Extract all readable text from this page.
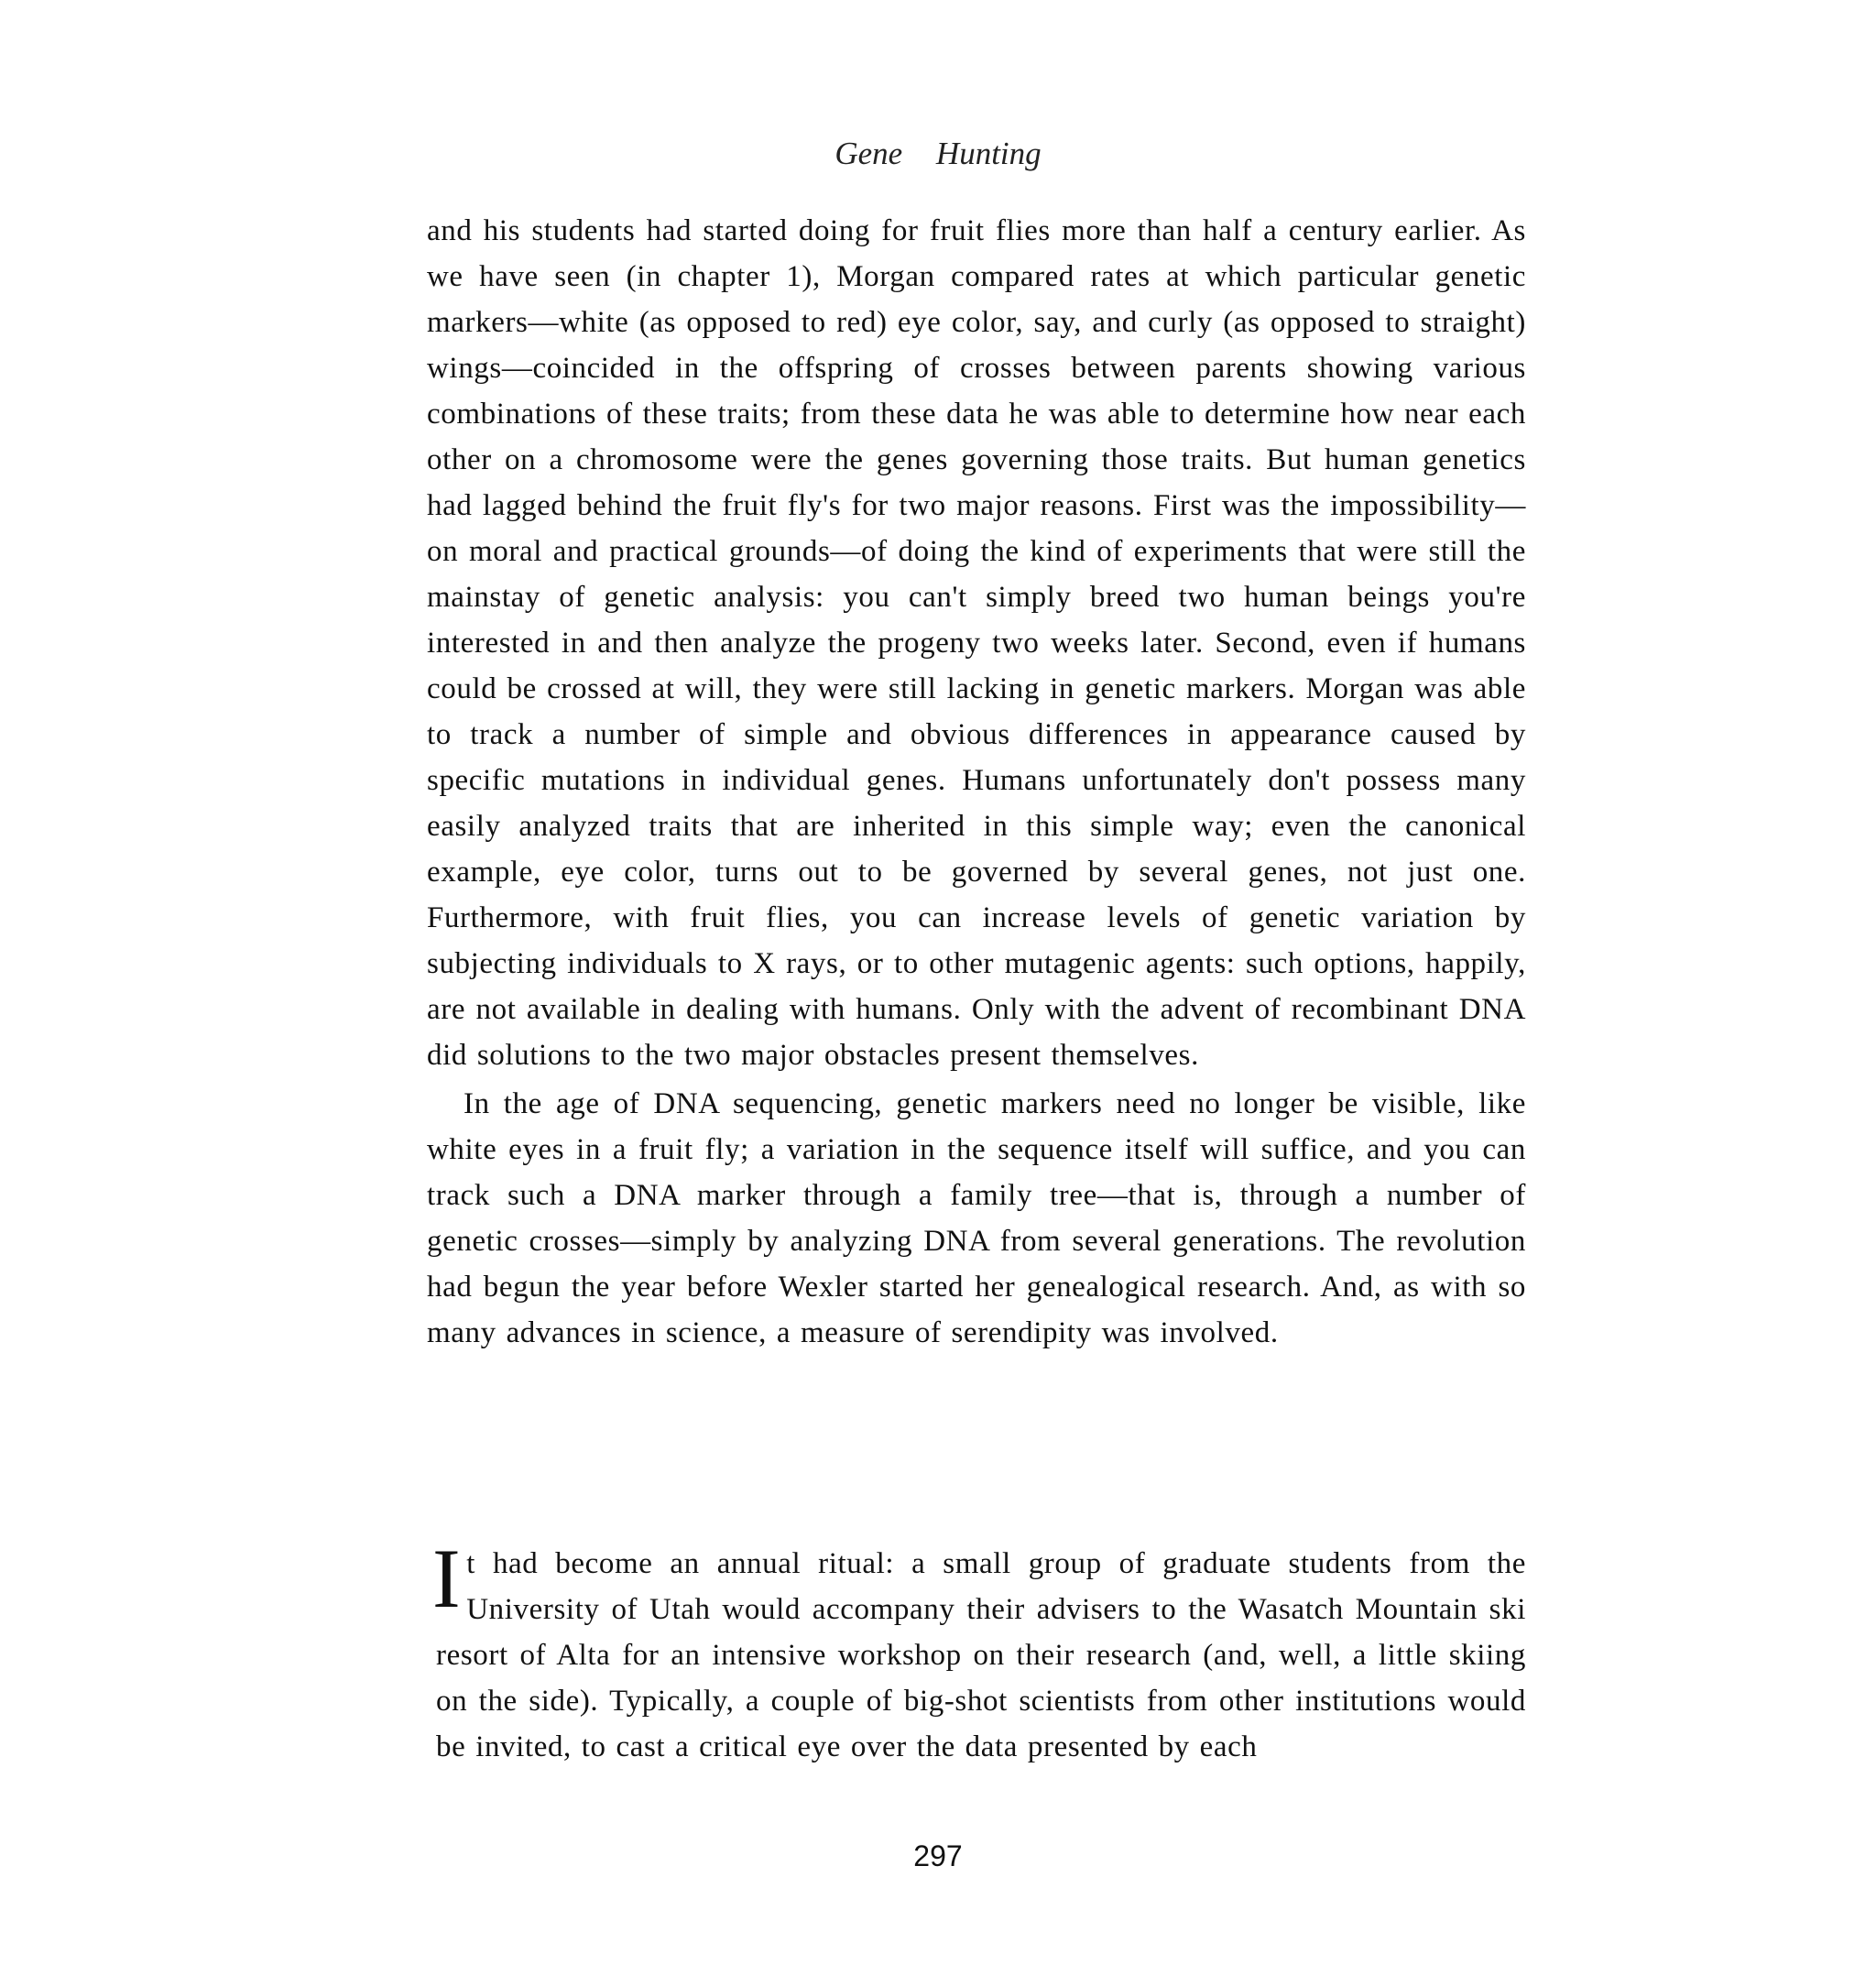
Gene Hunting

and his students had started doing for fruit flies more than half a century earlier. As we have seen (in chapter 1), Morgan compared rates at which particular genetic markers—white (as opposed to red) eye color, say, and curly (as opposed to straight) wings—coincided in the offspring of crosses between parents showing various combinations of these traits; from these data he was able to determine how near each other on a chromosome were the genes governing those traits. But human genetics had lagged behind the fruit fly's for two major reasons. First was the impossibility—on moral and practical grounds—of doing the kind of experiments that were still the mainstay of genetic analysis: you can't simply breed two human beings you're interested in and then analyze the progeny two weeks later. Second, even if humans could be crossed at will, they were still lacking in genetic markers. Morgan was able to track a number of simple and obvious differences in appearance caused by specific mutations in individual genes. Humans unfortunately don't possess many easily analyzed traits that are inherited in this simple way; even the canonical example, eye color, turns out to be governed by several genes, not just one. Furthermore, with fruit flies, you can increase levels of genetic variation by subjecting individuals to X rays, or to other mutagenic agents: such options, happily, are not available in dealing with humans. Only with the advent of recombinant DNA did solutions to the two major obstacles present themselves.

In the age of DNA sequencing, genetic markers need no longer be visible, like white eyes in a fruit fly; a variation in the sequence itself will suffice, and you can track such a DNA marker through a family tree—that is, through a number of genetic crosses—simply by analyzing DNA from several generations. The revolution had begun the year before Wexler started her genealogical research. And, as with so many advances in science, a measure of serendipity was involved.

It had become an annual ritual: a small group of graduate students from the University of Utah would accompany their advisers to the Wasatch Mountain ski resort of Alta for an intensive workshop on their research (and, well, a little skiing on the side). Typically, a couple of big-shot scientists from other institutions would be invited, to cast a critical eye over the data presented by each

297
